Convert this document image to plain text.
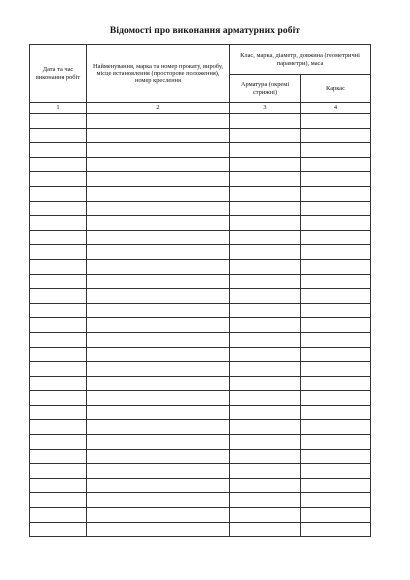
Відомості про виконання арматурних робіт
Дата та час виконання робіт	Найменування, марка та номер прокату, виробу, місце встановлення (просторове положення), номер креслення	Клас, марка, діаметр, довжина (геометричні параметри), маса	

		Арматура (окремі стрижні)	Каркас

1	2	3	4
